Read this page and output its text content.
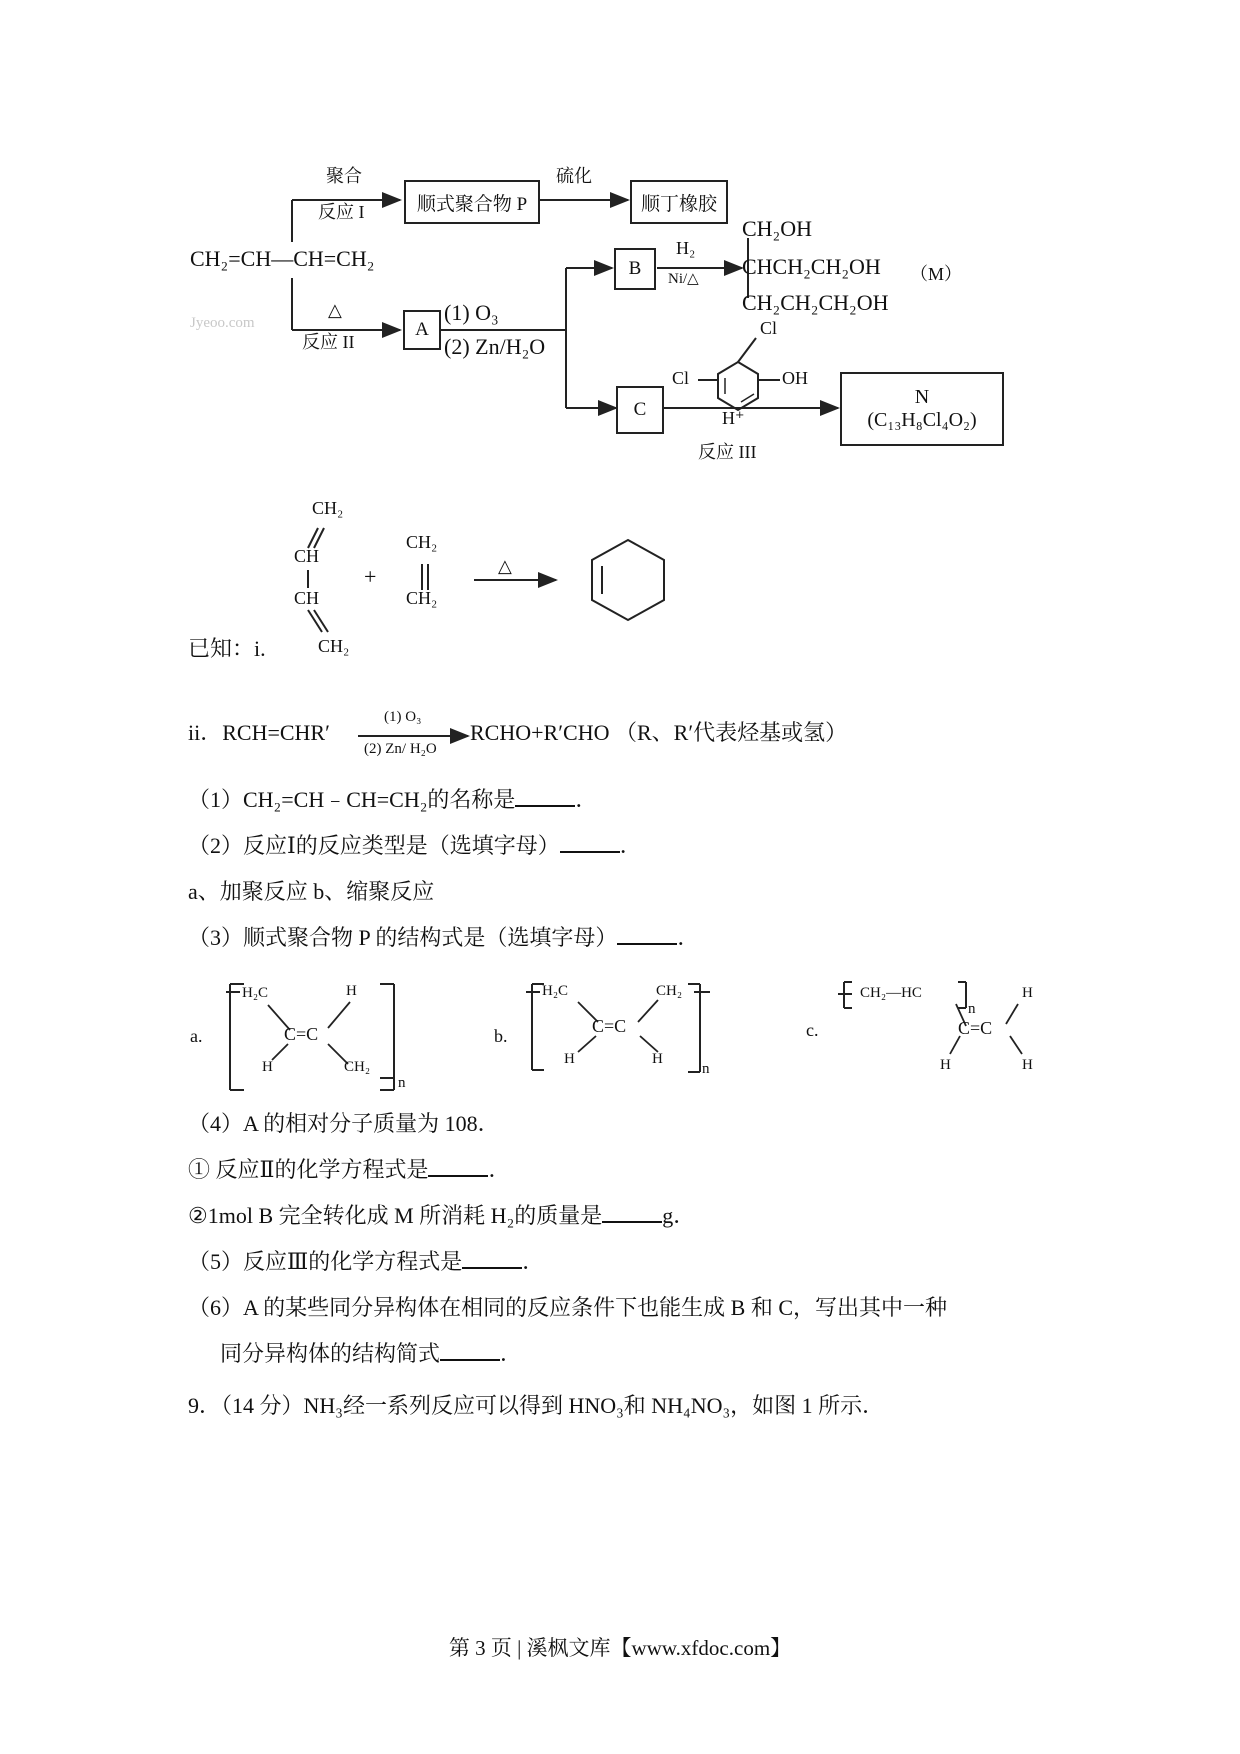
CH₂=CH—CH=CH₂
聚合
反应 I	顺式聚合物 P
硫化
顺丁橡胶
△
反应 II
Jyeoo.com	A
(1) O₃
(2) Zn/H₂O
B
H₂
Ni/△
CH₂OH
CHCH₂CH₂OH
CH₂CH₂CH₂OH
（M）
C
Cl
Cl	OH
H⁺
反应 III
N
(C₁₃H₈Cl₄O₂)
CH₂
CH
CH
CH₂
+
CH₂
CH₂
△
已知：i.
ii．RCH=CHR′
(1) O₃
(2) Zn/ H₂O
RCHO+R′CHO （R、R′代表烃基或氢）
（1）CH₂=CH﹣CH=CH₂的名称是	．
（2）反应Ⅰ的反应类型是（选填字母）	．
a、加聚反应 b、缩聚反应
（3）顺式聚合物 P 的结构式是（选填字母）	．
a.
H₂C	H
C=C
H	CH₂
n
b.
H₂C	CH₂
C=C
H	H
n
c.
CH₂—HC
n
H
C=C
H	H
（4）A 的相对分子质量为 108．
① 反应Ⅱ的化学方程式是	．
②1mol B 完全转化成 M 所消耗 H₂的质量是	g．
（5）反应Ⅲ的化学方程式是	．
（6）A 的某些同分异构体在相同的反应条件下也能生成 B 和 C，写出其中一种
同分异构体的结构简式	．
9．（14 分）NH₃经一系列反应可以得到 HNO₃和 NH₄NO₃，如图 1 所示．
第 3 页 | 溪枫文库【www.xfdoc.com】
